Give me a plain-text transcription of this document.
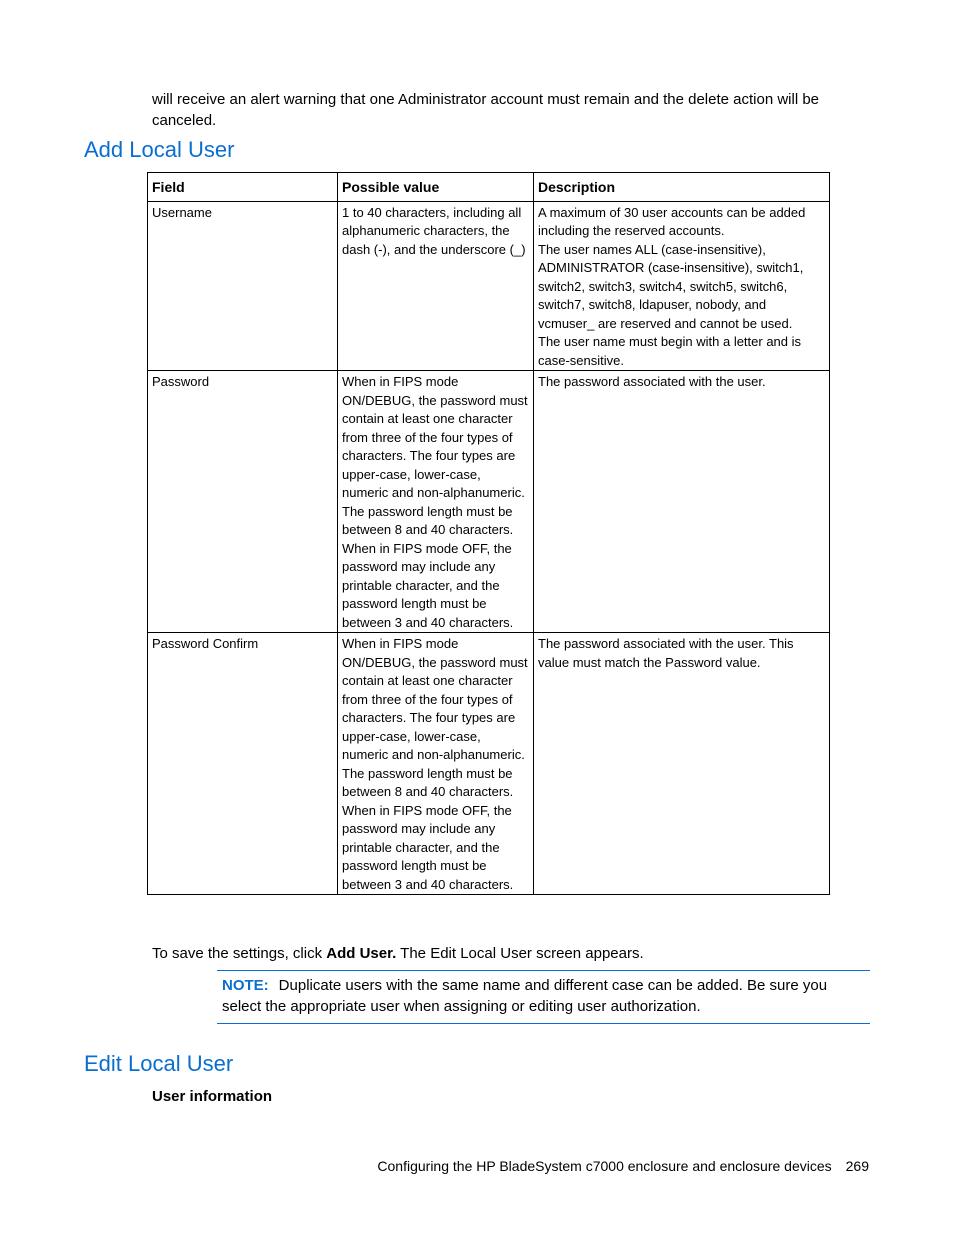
will receive an alert warning that one Administrator account must remain and the delete action will be canceled.

Add Local User
Field	Possible value	Description
Username	1 to 40 characters, including all alphanumeric characters, the dash (-), and the underscore (_)	A maximum of 30 user accounts can be added including the reserved accounts.
The user names ALL (case-insensitive), ADMINISTRATOR (case-insensitive), switch1, switch2, switch3, switch4, switch5, switch6, switch7, switch8, ldapuser, nobody, and vcmuser_ are reserved and cannot be used.
The user name must begin with a letter and is case-sensitive.

Password	When in FIPS mode ON/DEBUG, the password must contain at least one character from three of the four types of characters. The four types are upper-case, lower-case, numeric and non-alphanumeric. The password length must be between 8 and 40 characters. When in FIPS mode OFF, the password may include any printable character, and the password length must be between 3 and 40 characters.	The password associated with the user.

Password Confirm	When in FIPS mode ON/DEBUG, the password must contain at least one character from three of the four types of characters. The four types are upper-case, lower-case, numeric and non-alphanumeric. The password length must be between 8 and 40 characters. When in FIPS mode OFF, the password may include any printable character, and the password length must be between 3 and 40 characters.	The password associated with the user. This value must match the Password value.
To save the settings, click Add User. The Edit Local User screen appears.
NOTE: Duplicate users with the same name and different case can be added. Be sure you select the appropriate user when assigning or editing user authorization.
Edit Local User
User information
Configuring the HP BladeSystem c7000 enclosure and enclosure devices 269
